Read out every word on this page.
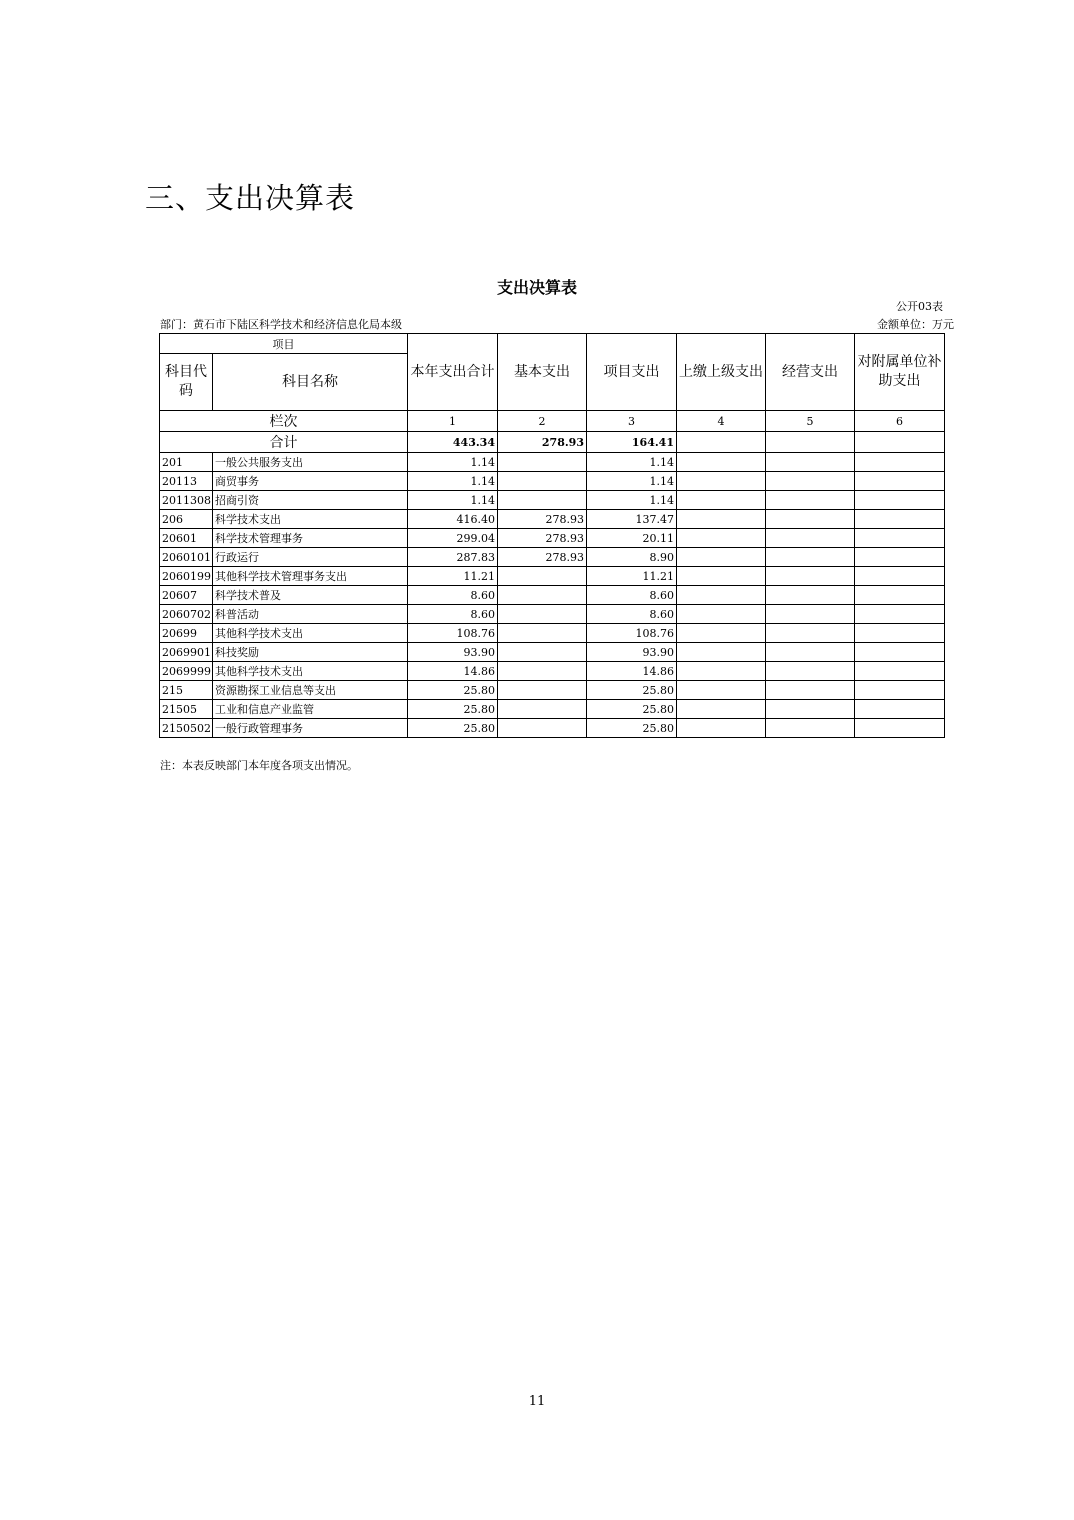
三、支出决算表
支出决算表
公开03表
部门：黄石市下陆区科学技术和经济信息化局本级	金额单位：万元
项目		本年支出合计	基本支出	项目支出	上缴上级支出	经营支出	对附属单位补助支出
科目代码	科目名称						
栏次		1	2	3	4	5	6
合计		443.34	278.93	164.41			
201	一般公共服务支出	1.14		1.14			
20113	商贸事务	1.14		1.14			
2011308	招商引资	1.14		1.14			
206	科学技术支出	416.40	278.93	137.47			
20601	科学技术管理事务	299.04	278.93	20.11			
2060101	行政运行	287.83	278.93	8.90			
2060199	其他科学技术管理事务支出	11.21		11.21			
20607	科学技术普及	8.60		8.60			
2060702	科普活动	8.60		8.60			
20699	其他科学技术支出	108.76		108.76			
2069901	科技奖励	93.90		93.90			
2069999	其他科学技术支出	14.86		14.86			
215	资源勘探工业信息等支出	25.80		25.80			
21505	工业和信息产业监管	25.80		25.80			
2150502	一般行政管理事务	25.80		25.80			
注：本表反映部门本年度各项支出情况。
11
